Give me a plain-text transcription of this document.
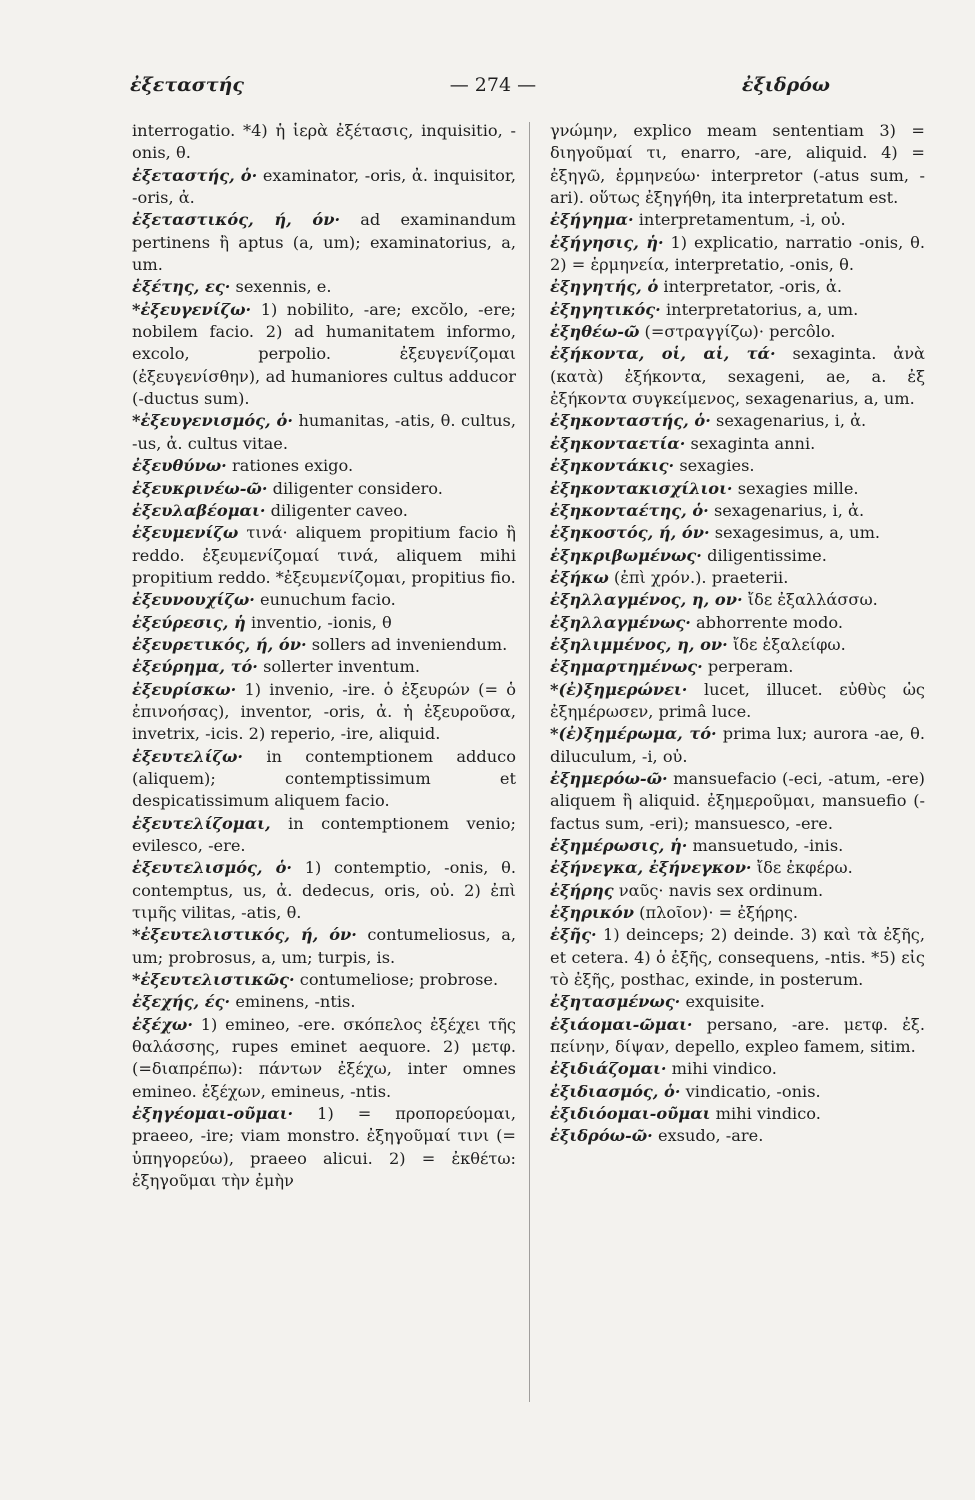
ἐξεταστής	— 274 —	ἐξιδρόω

interrogatio. *4) ἡ ἱερὰ ἐξέτασις, inquisitio, -onis, θ.

ἐξεταστής, ὁ· examinator, -oris, ἀ. inquisitor, -oris, ἀ.

ἐξεταστικός, ή, όν· ad examinandum pertinens ἢ aptus (a, um); examinatorius, a, um.

ἐξέτης, ες· sexennis, e.

*ἐξευγενίζω· 1) nobilito, -are; excŏlo, -ere; nobilem facio. 2) ad humanitatem informo, excolo, perpolio. ἐξευγενίζομαι (ἐξευγενίσθην), ad humaniores cultus adducor (-ductus sum).

*ἐξευγενισμός, ὁ· humanitas, -atis, θ. cultus, -us, ἀ. cultus vitae.

ἐξευθύνω· rationes exigo.

ἐξευκρινέω-ῶ· diligenter considero.

ἐξευλαβέομαι· diligenter caveo.

ἐξευμενίζω τινά· aliquem propitium facio ἢ reddo. ἐξευμενίζομαί τινά, aliquem mihi propitium reddo. *ἐξευμενίζομαι, propitius fio.

ἐξευνουχίζω· eunuchum facio.

ἐξεύρεσις, ἡ inventio, -ionis, θ

ἐξευρετικός, ή, όν· sollers ad inveniendum.

ἐξεύρημα, τό· sollerter inventum.

ἐξευρίσκω· 1) invenio, -ire. ὁ ἐξευρών (= ὁ ἐπινοήσας), inventor, -oris, ἀ. ἡ ἐξευροῦσα, invetrix, -icis. 2) reperio, -ire, aliquid.

ἐξευτελίζω· in contemptionem adduco (aliquem); contemptissimum et despicatissimum aliquem facio.

ἐξευτελίζομαι, in contemptionem venio; evilesco, -ere.

ἐξευτελισμός, ὁ· 1) contemptio, -onis, θ. contemptus, us, ἀ. dedecus, oris, οὐ. 2) ἐπὶ τιμῆς vilitas, -atis, θ.

*ἐξευτελιστικός, ή, όν· contumeliosus, a, um; probrosus, a, um; turpis, is.

*ἐξευτελιστικῶς· contumeliose; probrose.

ἐξεχής, ές· eminens, -ntis.

ἐξέχω· 1) emineo, -ere. σκόπελος ἐξέχει τῆς θαλάσσης, rupes eminet aequore. 2) μετφ. (=διαπρέπω): πάντων ἐξέχω, inter omnes emineo. ἐξέχων, emineus, -ntis.

ἐξηγέομαι-οῦμαι· 1) = προπορεύομαι, praeeo, -ire; viam monstro. ἐξηγοῦμαί τινι (= ὑπηγορεύω), praeeo alicui. 2) = ἐκθέτω: ἐξηγοῦμαι τὴν ἐμὴν

γνώμην, explico meam sententiam 3) = διηγοῦμαί τι, enarro, -are, aliquid. 4) = ἐξηγῶ, ἑρμηνεύω· interpretor (-atus sum, -ari). οὕτως ἐξηγήθη, ita interpretatum est.

ἐξήγημα· interpretamentum, -i, οὐ.

ἐξήγησις, ἡ· 1) explicatio, narratio -onis, θ. 2) = ἑρμηνεία, interpretatio, -onis, θ.

ἐξηγητής, ὁ interpretator, -oris, ἀ.

ἐξηγητικός· interpretatorius, a, um.

ἐξηθέω-ῶ (=στραγγίζω)· percôlo.

ἐξήκοντα, οἱ, αἱ, τά· sexaginta. ἀνὰ (κατὰ) ἐξήκοντα, sexageni, ae, a. ἐξ ἐξήκοντα συγκείμενος, sexagenarius, a, um.

ἐξηκονταστής, ὁ· sexagenarius, i, ἀ.

ἐξηκονταετία· sexaginta anni.

ἐξηκοντάκις· sexagies.

ἐξηκοντακισχίλιοι· sexagies mille.

ἐξηκονταέτης, ὁ· sexagenarius, i, ἀ.

ἐξηκοστός, ή, όν· sexagesimus, a, um.

ἐξηκριβωμένως· diligentissime.

ἐξήκω (ἐπὶ χρόν.). praeterii.

ἐξηλλαγμένος, η, ον· ἴδε ἐξαλλάσσω.

ἐξηλλαγμένως· abhorrente modo.

ἐξηλιμμένος, η, ον· ἴδε ἐξαλείφω.

ἐξημαρτημένως· perperam.

*(ἐ)ξημερώνει· lucet, illucet. εὐθὺς ὡς ἐξημέρωσεν, primâ luce.

*(ἐ)ξημέρωμα, τό· prima lux; aurora -ae, θ. diluculum, -i, οὐ.

ἐξημερόω-ῶ· mansuefacio (-eci, -atum, -ere) aliquem ἢ aliquid. ἐξημεροῦμαι, mansuefio (-factus sum, -eri); mansuesco, -ere.

ἐξημέρωσις, ἡ· mansuetudo, -inis.

ἐξήνεγκα, ἐξήνεγκον· ἴδε ἐκφέρω.

ἐξήρης ναῦς· navis sex ordinum.

ἐξηρικόν (πλοῖον)· = ἐξήρης.

ἐξῆς· 1) deinceps; 2) deinde. 3) καὶ τὰ ἐξῆς, et cetera. 4) ὁ ἐξῆς, consequens, -ntis. *5) εἰς τὸ ἐξῆς, posthac, exinde, in posterum.

ἐξητασμένως· exquisite.

ἐξιάομαι-ῶμαι· persano, -are. μετφ. ἐξ. πείνην, δίψαν, depello, expleo famem, sitim.

ἐξιδιάζομαι· mihi vindico.

ἐξιδιασμός, ὁ· vindicatio, -onis.

ἐξιδιόομαι-οῦμαι mihi vindico.

ἐξιδρόω-ῶ· exsudo, -are.
